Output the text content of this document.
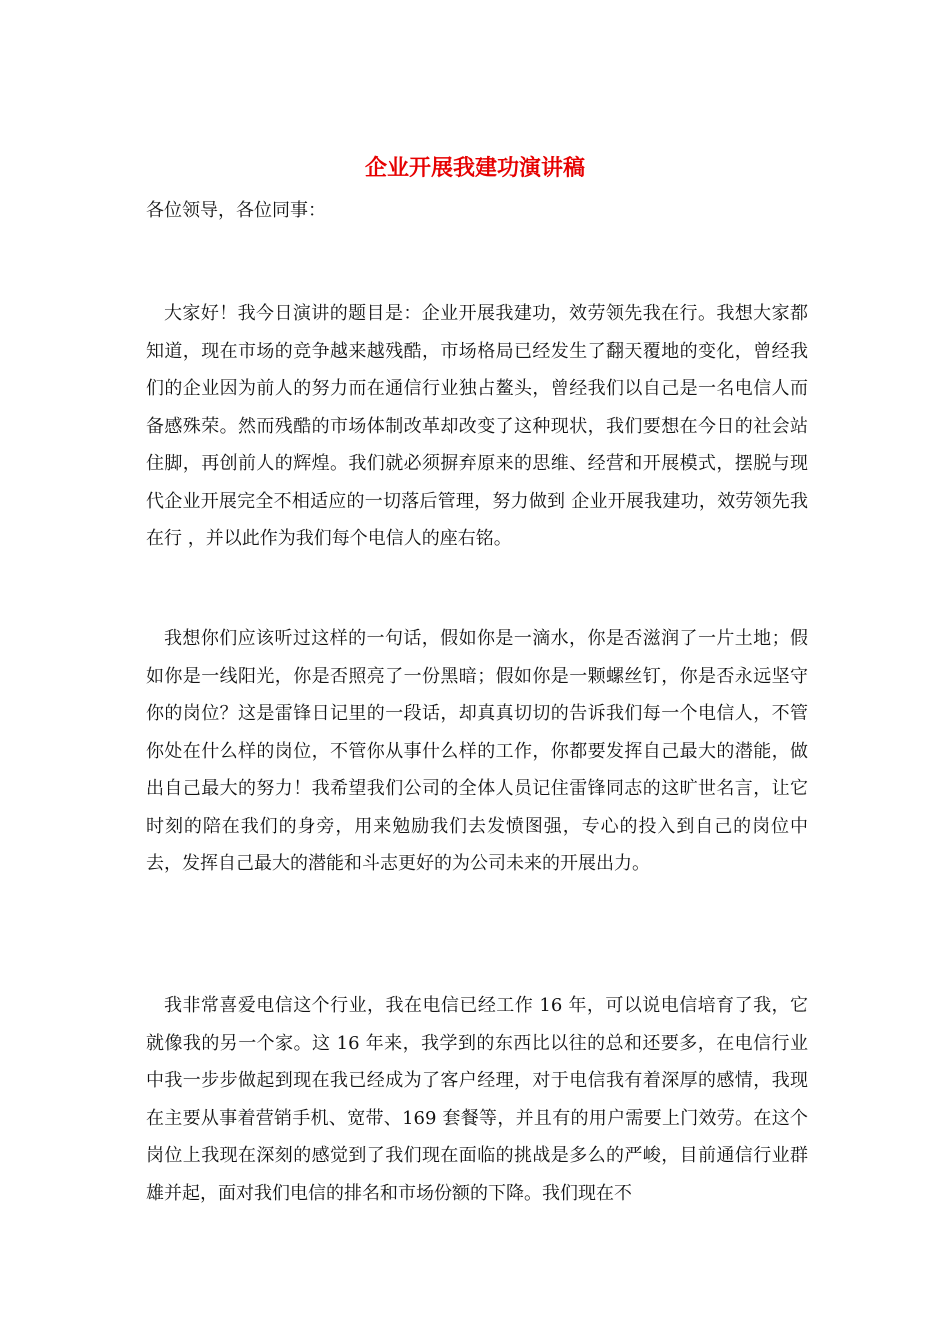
企业开展我建功演讲稿

各位领导，各位同事：

大家好！我今日演讲的题目是：企业开展我建功，效劳领先我在行。我想大家都知道，现在市场的竞争越来越残酷，市场格局已经发生了翻天覆地的变化，曾经我们的企业因为前人的努力而在通信行业独占鳌头，曾经我们以自己是一名电信人而备感殊荣。然而残酷的市场体制改革却改变了这种现状，我们要想在今日的社会站住脚，再创前人的辉煌。我们就必须摒弃原来的思维、经营和开展模式，摆脱与现代企业开展完全不相适应的一切落后管理，努力做到 企业开展我建功，效劳领先我在行 ，并以此作为我们每个电信人的座右铭。

我想你们应该听过这样的一句话，假如你是一滴水，你是否滋润了一片土地；假如你是一线阳光，你是否照亮了一份黑暗；假如你是一颗螺丝钉，你是否永远坚守你的岗位？这是雷锋日记里的一段话，却真真切切的告诉我们每一个电信人，不管你处在什么样的岗位，不管你从事什么样的工作，你都要发挥自己最大的潜能，做出自己最大的努力！我希望我们公司的全体人员记住雷锋同志的这旷世名言，让它时刻的陪在我们的身旁，用来勉励我们去发愤图强，专心的投入到自己的岗位中去，发挥自己最大的潜能和斗志更好的为公司未来的开展出力。

我非常喜爱电信这个行业，我在电信已经工作 16 年，可以说电信培育了我，它就像我的另一个家。这 16 年来，我学到的东西比以往的总和还要多，在电信行业中我一步步做起到现在我已经成为了客户经理，对于电信我有着深厚的感情，我现在主要从事着营销手机、宽带、169 套餐等，并且有的用户需要上门效劳。在这个岗位上我现在深刻的感觉到了我们现在面临的挑战是多么的严峻，目前通信行业群雄并起，面对我们电信的排名和市场份额的下降。我们现在不
